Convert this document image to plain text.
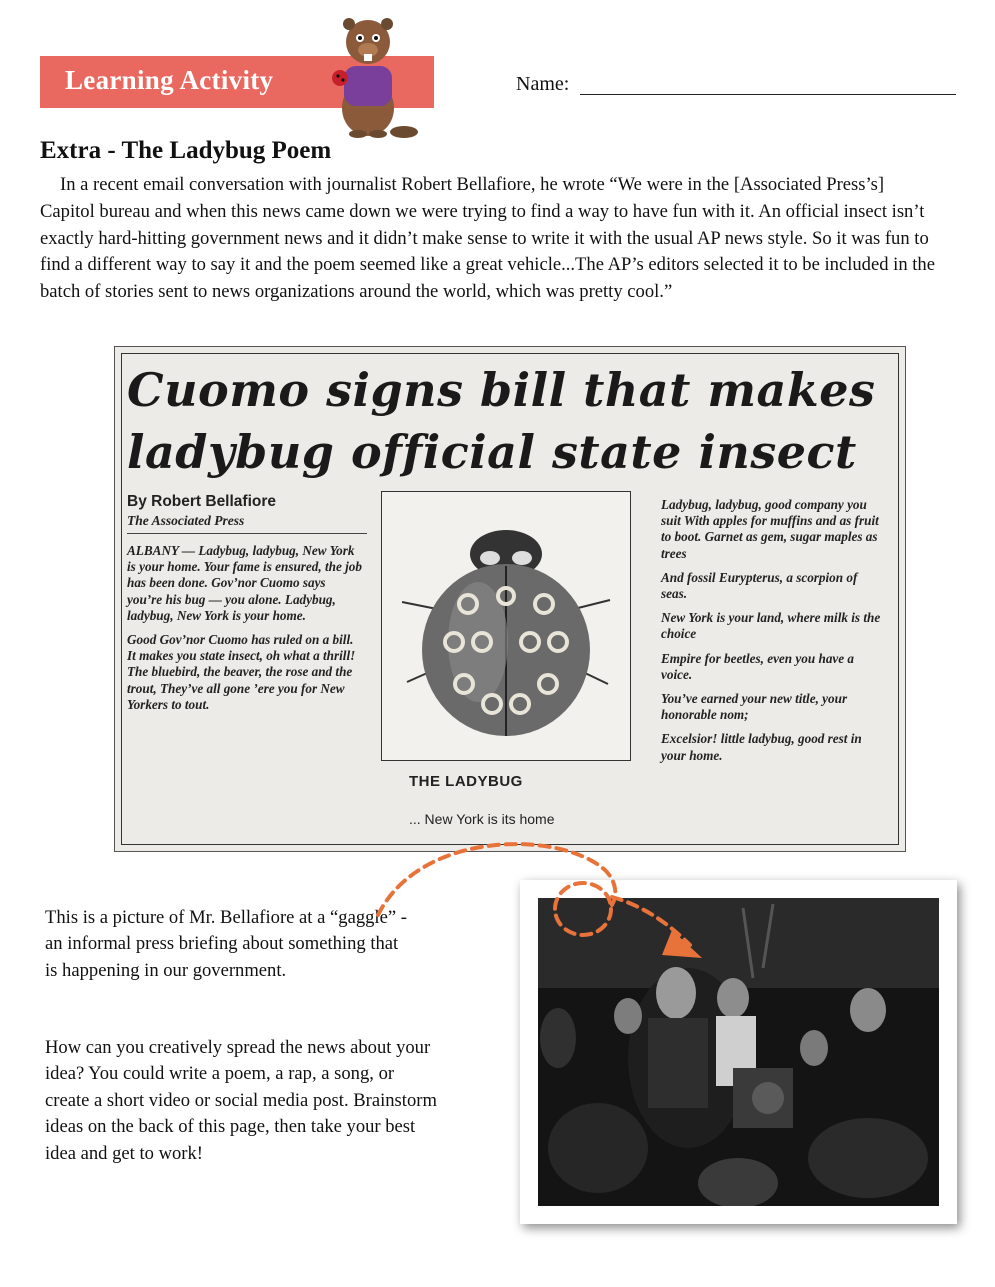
Learning Activity	Name:
Extra - The Ladybug Poem

In a recent email conversation with journalist Robert Bellafiore, he wrote “We were in the [Associated Press’s] Capitol bureau and when this news came down we were trying to find a way to have fun with it. An official insect isn’t exactly hard-hitting government news and it didn’t make sense to write it with the usual AP news style. So it was fun to find a different way to say it and the poem seemed like a great vehicle...The AP’s editors selected it to be included in the batch of stories sent to news organizations around the world, which was pretty cool.”

Cuomo signs bill that makes
ladybug official state insect
By Robert Bellafiore
The Associated Press

ALBANY — Ladybug, ladybug, New York is your home. Your fame is ensured, the job has been done. Gov’nor Cuomo says you’re his bug — you alone. Ladybug, ladybug, New York is your home.

Good Gov’nor Cuomo has ruled on a bill. It makes you state insect, oh what a thrill! The bluebird, the beaver, the rose and the trout, They’ve all gone ’ere you for New Yorkers to tout.

THE LADYBUG
... New York is its home

Ladybug, ladybug, good company you suit With apples for muffins and as fruit to boot. Garnet as gem, sugar maples as trees

And fossil Eurypterus, a scorpion of seas.

New York is your land, where milk is the choice

Empire for beetles, even you have a voice.

You’ve earned your new title, your honorable nom;

Excelsior! little ladybug, good rest in your home.

This is a picture of Mr. Bellafiore at a “gaggle” - an informal press briefing about something that is happening in our government.

How can you creatively spread the news about your idea? You could write a poem, a rap, a song, or create a short video or social media post. Brainstorm ideas on the back of this page, then take your best idea and get to work!
